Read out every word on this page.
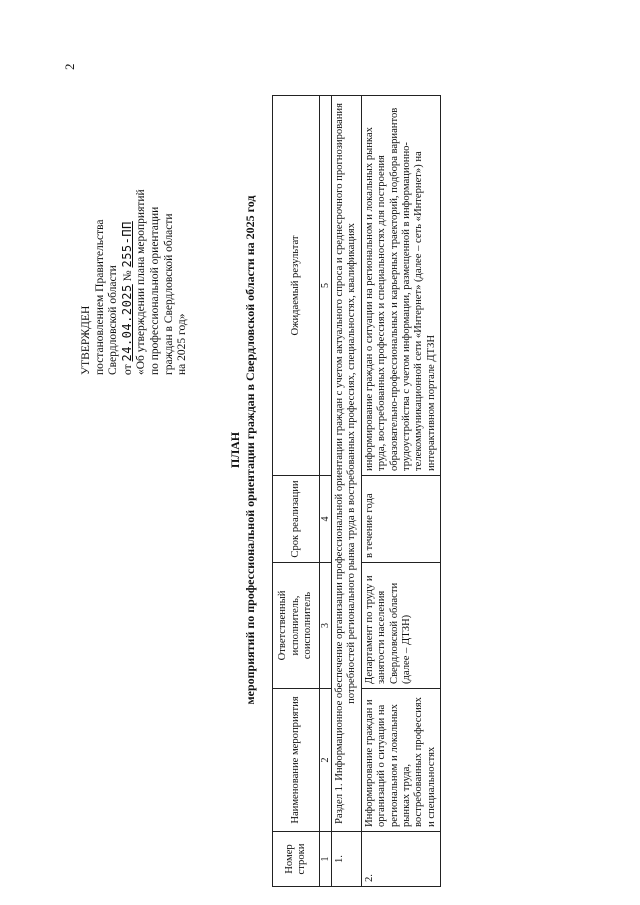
2
УТВЕРЖДЕН постановлением Правительства Свердловской области от 24.04.2025 № 255-ПП «Об утверждении плана мероприятий по профессиональной ориентации граждан в Свердловской области на 2025 год»
ПЛАН мероприятий по профессиональной ориентации граждан в Свердловской области на 2025 год
Номер строки	Наименование мероприятия	Ответственный исполнитель, соисполнитель	Срок реализации	Ожидаемый результат
1	2	3	4	5
1.	Раздел 1. Информационное обеспечение организации профессиональной ориентации граждан с учетом актуального спроса и среднесрочного прогнозирования потребностей регионального рынка труда в востребованных профессиях, специальностях, квалификациях			
2.	Информирование граждан и организаций о ситуации на региональном и локальных рынках труда, востребованных профессиях и специальностях	Департамент по труду и занятости населения Свердловской области (далее – ДТЗН)	в течение года	информирование граждан о ситуации на региональном и локальных рынках труда, востребованных профессиях и специальностях для построения образовательно-профессиональных и карьерных траекторий, подбора вариантов трудоустройства с учетом информации, размещенной в информационно-телекоммуникационной сети «Интернет» (далее – сеть «Интернет») на интерактивном портале ДТЗН
